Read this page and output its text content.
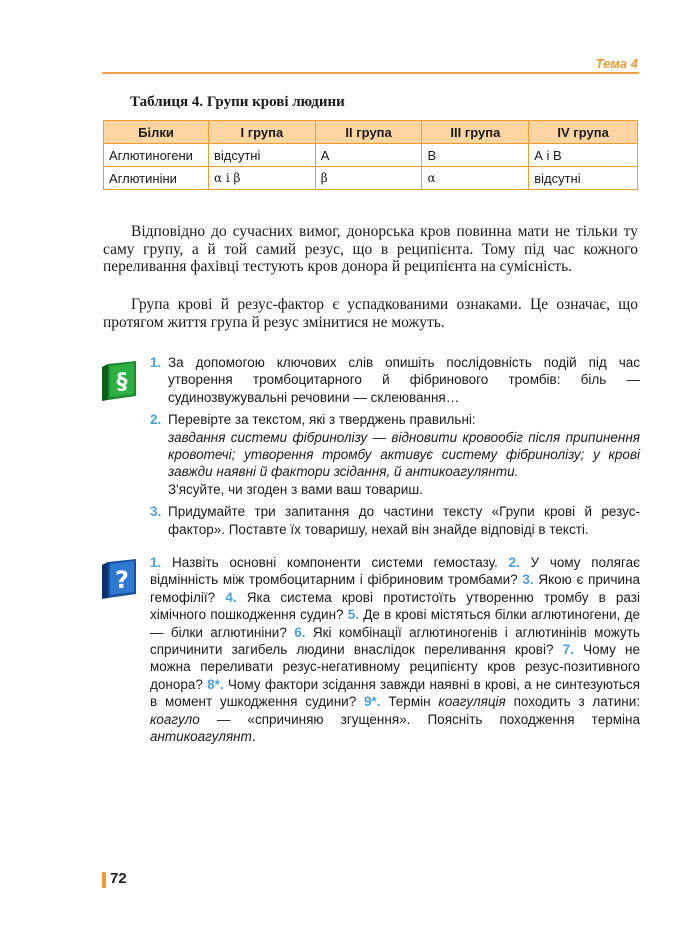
Тема 4
Таблиця 4. Групи крові людини
Білки	I група	II група	III група	IV група
Аглютиногени	відсутні	А	В	А і В
Аглютиніни	α і β	β	α	відсутні

Відповідно до сучасних вимог, донорська кров повинна мати не тільки ту саму групу, а й той самий резус, що в реципієнта. Тому під час кожного переливання фахівці тестують кров донора й реципієнта на сумісність.

Група крові й резус-фактор є успадкованими ознаками. Це означає, що протягом життя група й резус змінитися не можуть.

§
1. За допомогою ключових слів опишіть послідовність подій під час утворення тромбоцитарного й фібринового тромбів: біль — судинозвужувальні речовини — склеювання…
2. Перевірте за текстом, які з тверджень правильні:
завдання системи фібринолізу — відновити кровообіг після припинення кровотечі; утворення тромбу активує систему фібринолізу; у крові завжди наявні й фактори зсідання, й антикоагулянти.
З'ясуйте, чи згоден з вами ваш товариш.
3. Придумайте три запитання до частини тексту «Групи крові й резус-фактор». Поставте їх товаришу, нехай він знайде відповіді в тексті.
?
1. Назвіть основні компоненти системи гемостазу. 2. У чому полягає відмінність між тромбоцитарним і фібриновим тромбами? 3. Якою є причина гемофілії? 4. Яка система крові протистоїть утворенню тромбу в разі хімічного пошкодження судин? 5. Де в крові містяться білки аглютиногени, де — білки аглютиніни? 6. Які комбінації аглютиногенів і аглютинінів можуть спричинити загибель людини внаслідок переливання крові? 7. Чому не можна переливати резус-негативному реципієнту кров резус-позитивного донора? 8*. Чому фактори зсідання завжди наявні в крові, а не синтезуються в момент ушкодження судини? 9*. Термін коагуляція походить з латини: коагуло — «спричиняю згущення». Поясніть походження терміна антикоагулянт.
72
